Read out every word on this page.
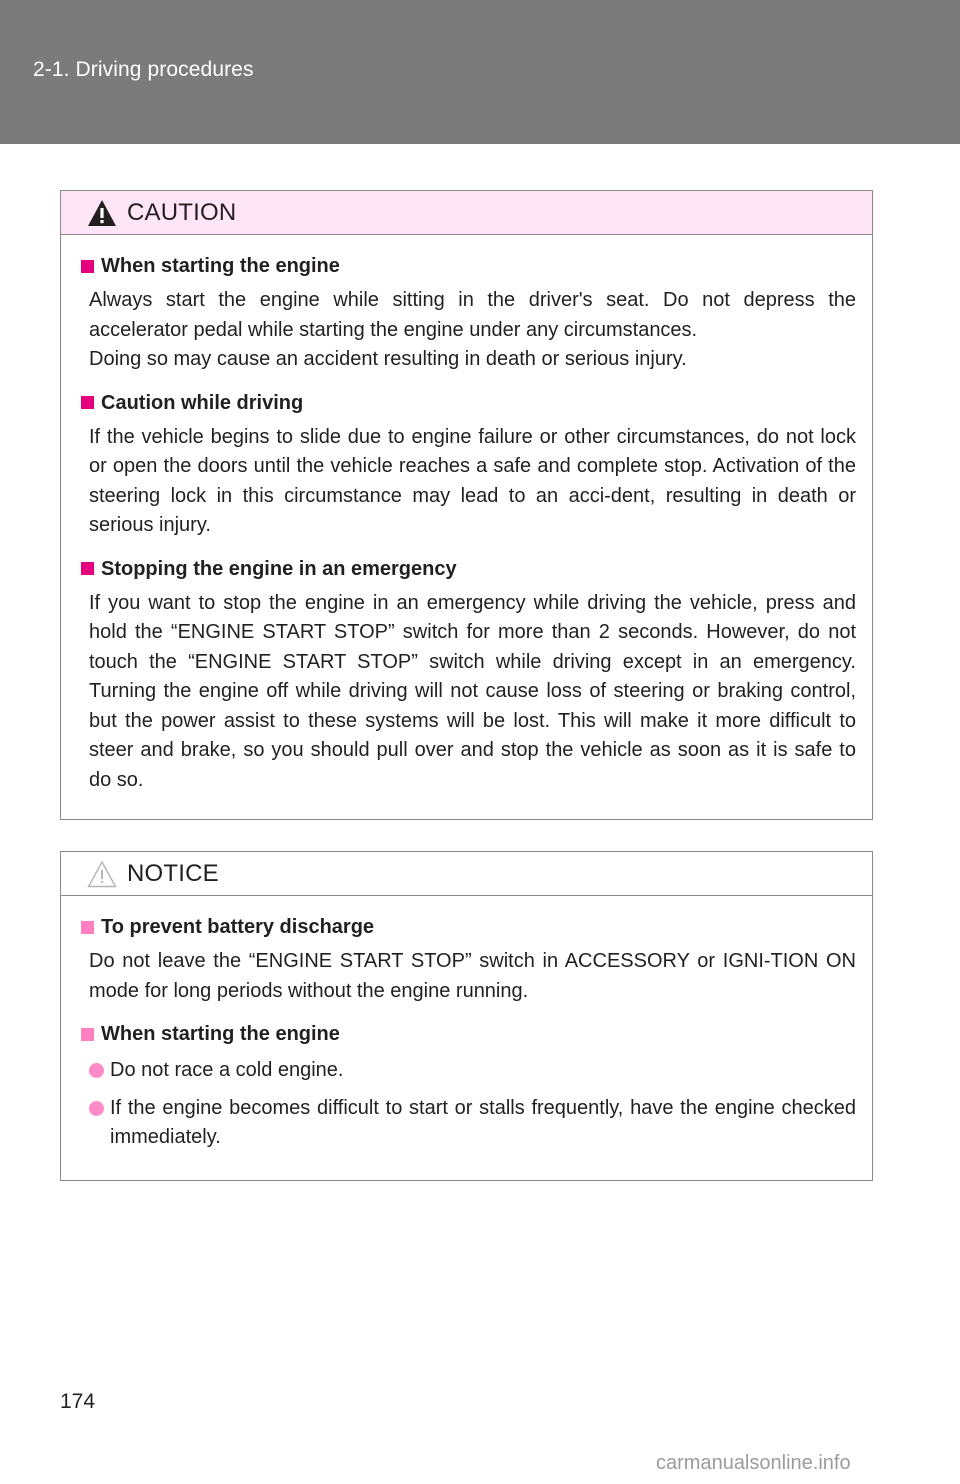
2-1. Driving procedures
CAUTION
When starting the engine

Always start the engine while sitting in the driver's seat. Do not depress the accelerator pedal while starting the engine under any circumstances.

Doing so may cause an accident resulting in death or serious injury.

Caution while driving

If the vehicle begins to slide due to engine failure or other circumstances, do not lock or open the doors until the vehicle reaches a safe and complete stop. Activation of the steering lock in this circumstance may lead to an acci-dent, resulting in death or serious injury.

Stopping the engine in an emergency

If you want to stop the engine in an emergency while driving the vehicle, press and hold the “ENGINE START STOP” switch for more than 2 seconds. However, do not touch the “ENGINE START STOP” switch while driving except in an emergency. Turning the engine off while driving will not cause loss of steering or braking control, but the power assist to these systems will be lost. This will make it more difficult to steer and brake, so you should pull over and stop the vehicle as soon as it is safe to do so.

NOTICE
To prevent battery discharge

Do not leave the “ENGINE START STOP” switch in ACCESSORY or IGNI-TION ON mode for long periods without the engine running.

When starting the engine
Do not race a cold engine.
If the engine becomes difficult to start or stalls frequently, have the engine checked immediately.
174
carmanualsonline.info
